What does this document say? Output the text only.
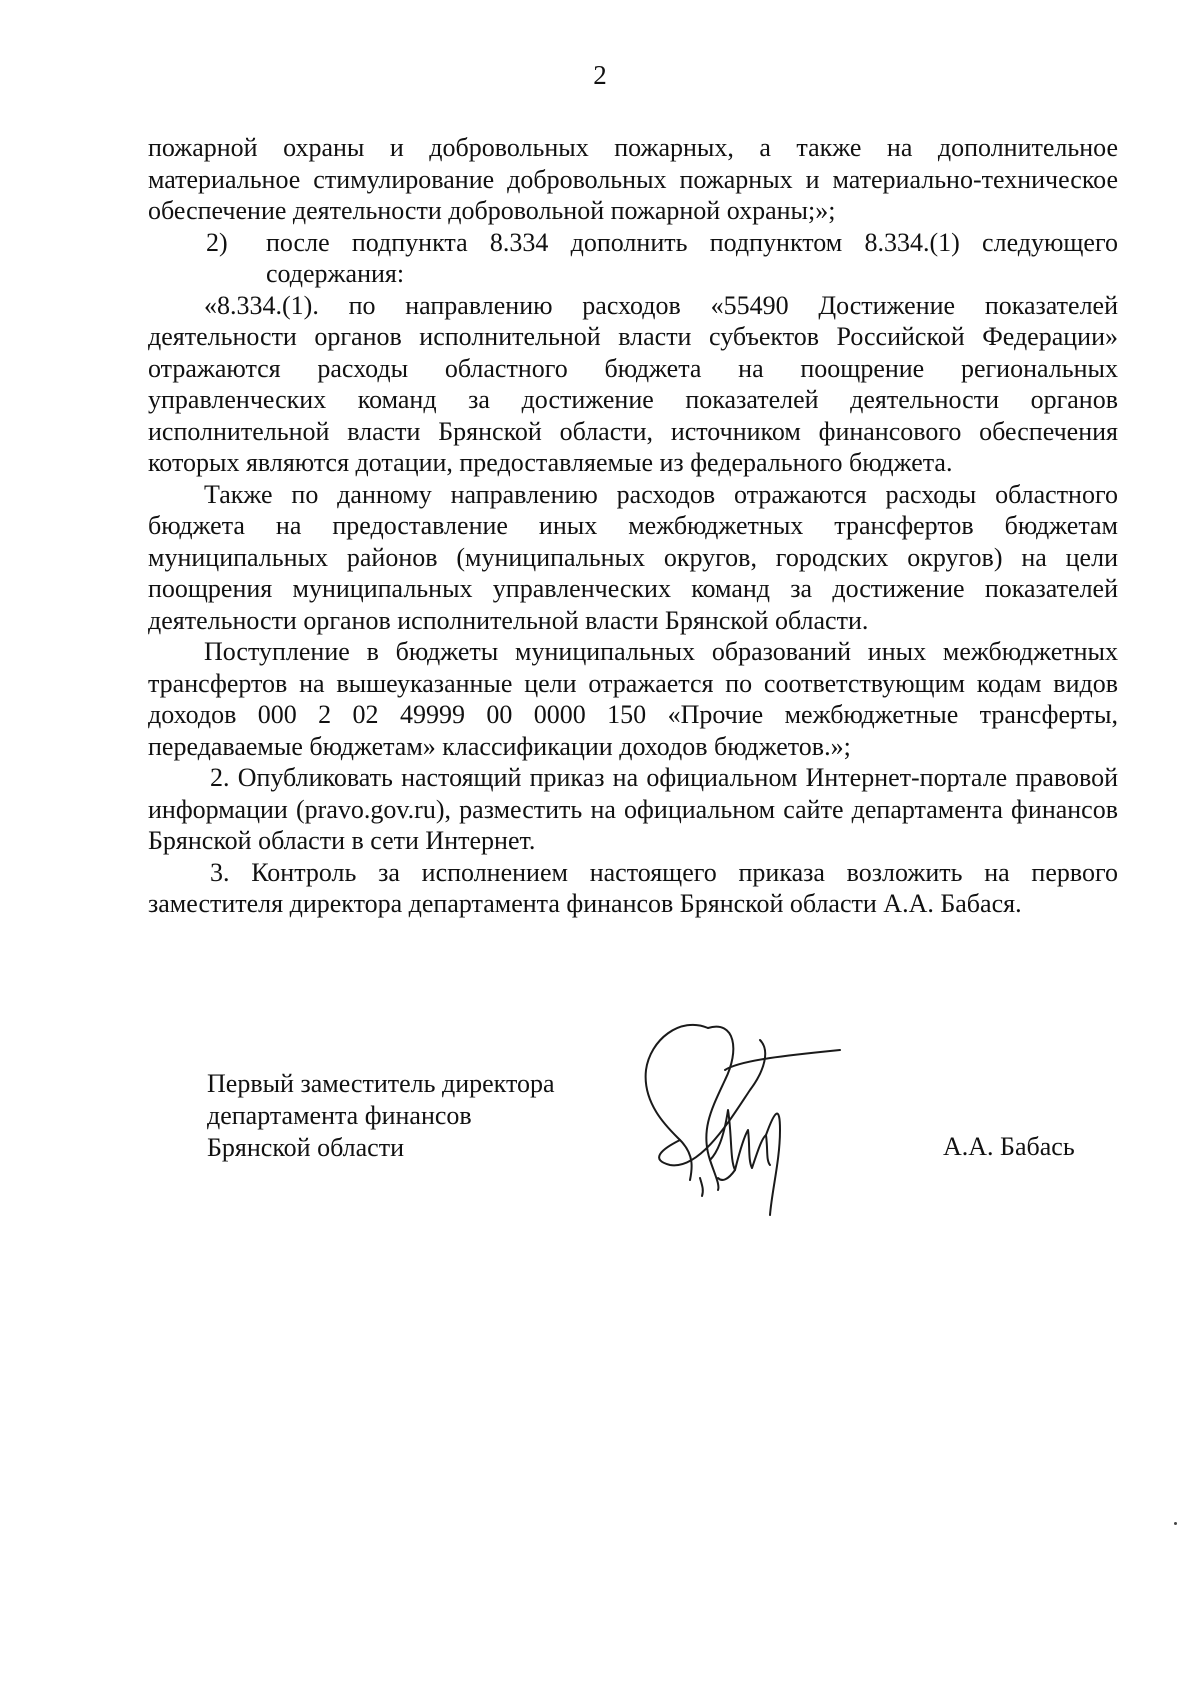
2

пожарной охраны и добровольных пожарных, а также на дополнительное материальное стимулирование добровольных пожарных и материально-техническое обеспечение деятельности добровольной пожарной охраны;»;

2)	после подпункта 8.334 дополнить подпунктом 8.334.(1) следующего содержания:

«8.334.(1). по направлению расходов «55490 Достижение показателей деятельности органов исполнительной власти субъектов Российской Федерации» отражаются расходы областного бюджета на поощрение региональных управленческих команд за достижение показателей деятельности органов исполнительной власти Брянской области, источником финансового обеспечения которых являются дотации, предоставляемые из федерального бюджета.

Также по данному направлению расходов отражаются расходы областного бюджета на предоставление иных межбюджетных трансфертов бюджетам муниципальных районов (муниципальных округов, городских округов) на цели поощрения муниципальных управленческих команд за достижение показателей деятельности органов исполнительной власти Брянской области.

Поступление в бюджеты муниципальных образований иных межбюджетных трансфертов на вышеуказанные цели отражается по соответствующим кодам видов доходов 000 2 02 49999 00 0000 150 «Прочие межбюджетные трансферты, передаваемые бюджетам» классификации доходов бюджетов.»;

2. Опубликовать настоящий приказ на официальном Интернет-портале правовой информации (pravo.gov.ru), разместить на официальном сайте департамента финансов Брянской области в сети Интернет.

3. Контроль за исполнением настоящего приказа возложить на первого заместителя директора департамента финансов Брянской области А.А. Бабася.

Первый заместитель директора
департамента финансов
Брянской области	А.А. Бабась
